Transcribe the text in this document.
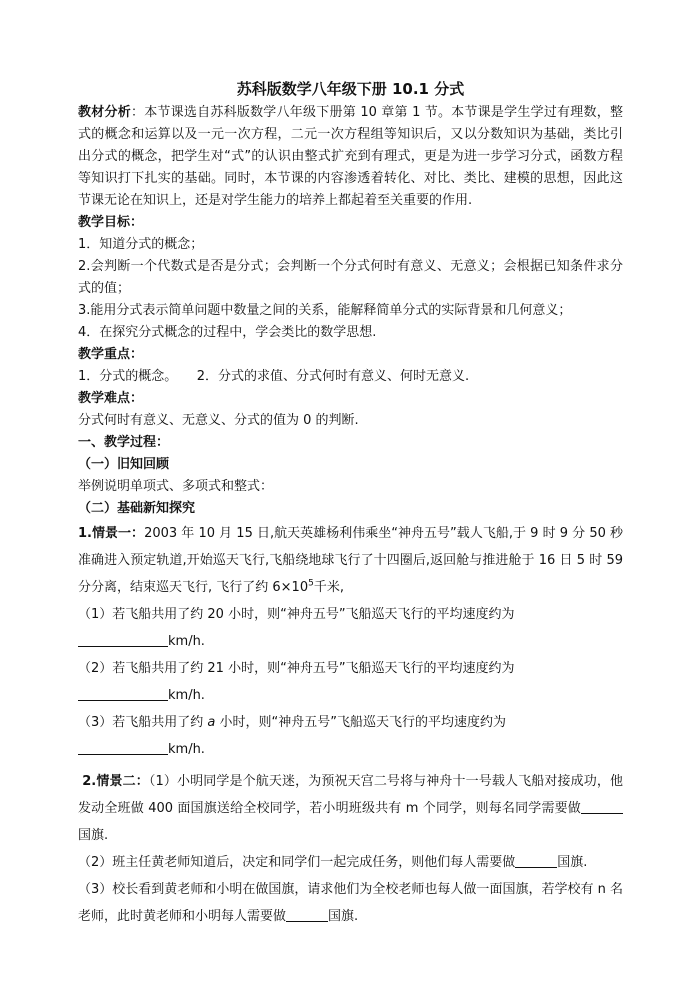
苏科版数学八年级下册 10.1 分式

教材分析：本节课选自苏科版数学八年级下册第 10 章第 1 节。本节课是学生学过有理数，整式的概念和运算以及一元一次方程，二元一次方程组等知识后，又以分数知识为基础，类比引出分式的概念，把学生对“式”的认识由整式扩充到有理式，更是为进一步学习分式，函数方程等知识打下扎实的基础。同时，本节课的内容渗透着转化、对比、类比、建模的思想，因此这节课无论在知识上，还是对学生能力的培养上都起着至关重要的作用.

教学目标：

1．知道分式的概念；

2.会判断一个代数式是否是分式；会判断一个分式何时有意义、无意义；会根据已知条件求分式的值；

3.能用分式表示简单问题中数量之间的关系，能解释简单分式的实际背景和几何意义；

4．在探究分式概念的过程中，学会类比的数学思想.

教学重点：

1．分式的概念。　　2．分式的求值、分式何时有意义、何时无意义.

教学难点：

分式何时有意义、无意义、分式的值为 0 的判断.

一、教学过程：

（一）旧知回顾

举例说明单项式、多项式和整式：

（二）基础新知探究

1.情景一：2003 年 10 月 15 日,航天英雄杨利伟乘坐“神舟五号”载人飞船,于 9 时 9 分 50 秒准确进入预定轨道,开始巡天飞行,飞船绕地球飞行了十四圈后,返回舱与推进舱于 16 日 5 时 59 分分离，结束巡天飞行, 飞行了约 $6\times 10^5$千米,

（1）若飞船共用了约 20 小时，则“神舟五号”飞船巡天飞行的平均速度约为
km/h.

（2）若飞船共用了约 21 小时，则“神舟五号”飞船巡天飞行的平均速度约为
km/h.

（3）若飞船共用了约 a 小时，则“神舟五号”飞船巡天飞行的平均速度约为
km/h.

2.情景二：（1）小明同学是个航天迷，为预祝天宫二号将与神舟十一号载人飞船对接成功，他发动全班做 400 面国旗送给全校同学，若小明班级共有 m 个同学，则每名同学需要做国旗.

（2）班主任黄老师知道后，决定和同学们一起完成任务，则他们每人需要做	国旗.

（3）校长看到黄老师和小明在做国旗，请求他们为全校老师也每人做一面国旗，若学校有 n 名老师，此时黄老师和小明每人需要做	国旗.
